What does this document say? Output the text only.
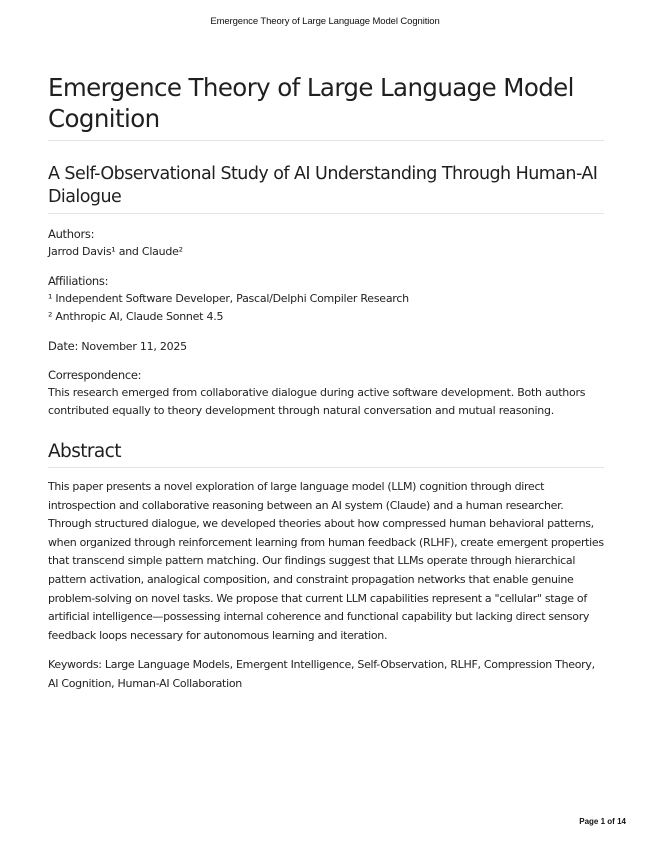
Emergence Theory of Large Language Model Cognition
Emergence Theory of Large Language Model Cognition
A Self-Observational Study of AI Understanding Through Human-AI Dialogue
Authors:
Jarrod Davis¹ and Claude²
Affiliations:
¹ Independent Software Developer, Pascal/Delphi Compiler Research
² Anthropic AI, Claude Sonnet 4.5
Date: November 11, 2025
Correspondence:
This research emerged from collaborative dialogue during active software development. Both authors contributed equally to theory development through natural conversation and mutual reasoning.
Abstract
This paper presents a novel exploration of large language model (LLM) cognition through direct introspection and collaborative reasoning between an AI system (Claude) and a human researcher. Through structured dialogue, we developed theories about how compressed human behavioral patterns, when organized through reinforcement learning from human feedback (RLHF), create emergent properties that transcend simple pattern matching. Our findings suggest that LLMs operate through hierarchical pattern activation, analogical composition, and constraint propagation networks that enable genuine problem-solving on novel tasks. We propose that current LLM capabilities represent a "cellular" stage of artificial intelligence—possessing internal coherence and functional capability but lacking direct sensory feedback loops necessary for autonomous learning and iteration.
Keywords: Large Language Models, Emergent Intelligence, Self-Observation, RLHF, Compression Theory, AI Cognition, Human-AI Collaboration
Page 1 of 14
